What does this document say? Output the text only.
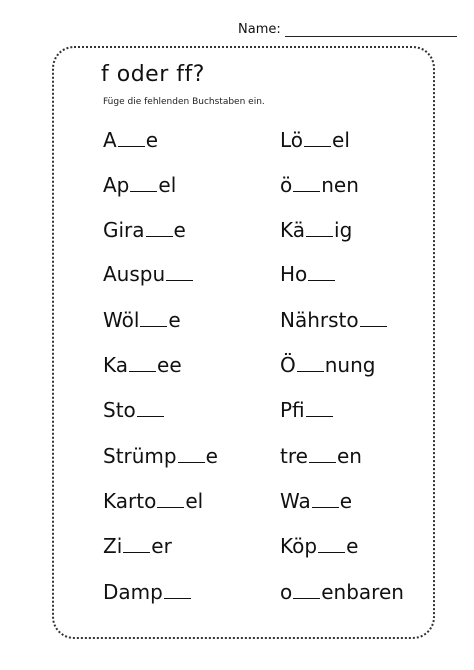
Name:
f oder ff?
Füge die fehlenden Buchstaben ein.
A e
Ap el
Gira e
Auspu
Wöl e
Ka ee
Sto
Strümp e
Karto el
Zi er
Damp
Lö el
ö nen
Kä ig
Ho
Nährsto
Ö nung
Pfi
tre en
Wa e
Köp e
o enbaren
